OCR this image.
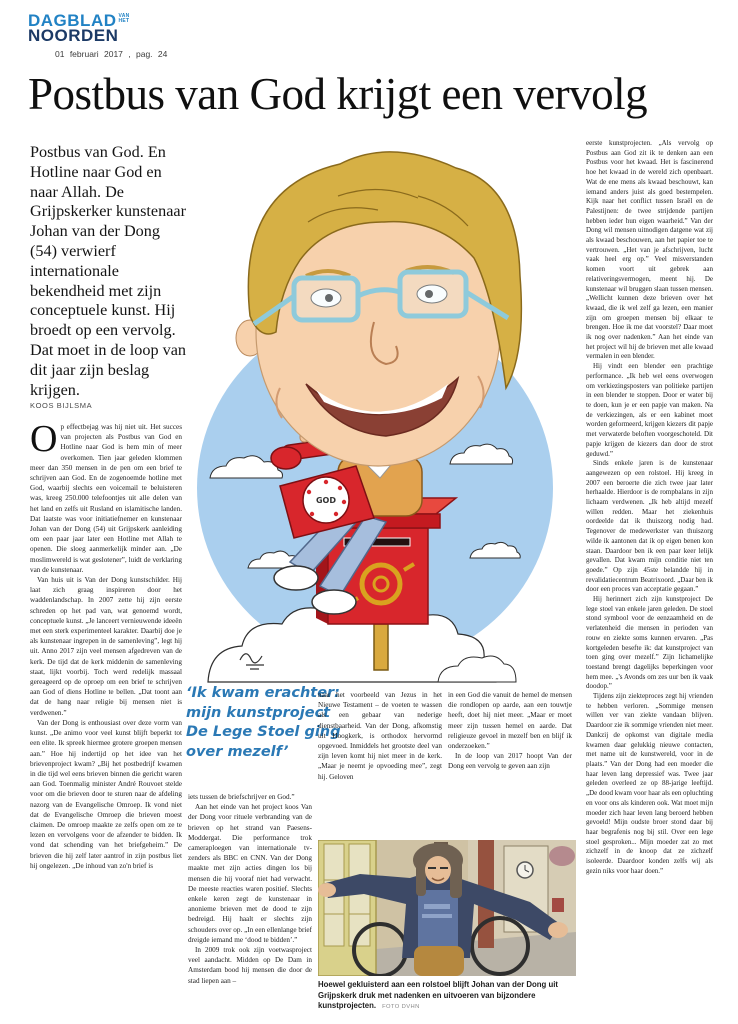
DAGBLAD VAN
HET
NOORDEN
01 februari 2017 , pag. 24
Postbus van God krijgt een vervolg
Postbus van God. En Hotline naar God en naar Allah. De Grijpskerker kunstenaar Johan van der Dong (54) verwierf internationale bekendheid met zijn conceptuele kunst. Hij broedt op een vervolg. Dat moet in de loop van dit jaar zijn beslag krijgen.
KOOS BIJLSMA

Op effectbejag was hij niet uit. Het succes van projecten als Postbus van God en Hotline naar God is hem min of meer overkomen. Tien jaar geleden klommen meer dan 350 mensen in de pen om een brief te schrijven aan God. En de zogenoemde hotline met God, waarbij slechts een voicemail te beluisteren was, kreeg 250.000 telefoontjes uit alle delen van het land en zelfs uit Rusland en islamitische landen. Dat laatste was voor initiatiefnemer en kunstenaar Johan van der Dong (54) uit Grijpskerk aanleiding om een paar jaar later een Hotline met Allah te openen. Die sloeg aanmerkelijk minder aan. „De moslimwereld is wat geslotener”, luidt de verklaring van de kunstenaar.

Van huis uit is Van der Dong kunstschilder. Hij laat zich graag inspireren door het waddenlandschap. In 2007 zette hij zijn eerste schreden op het pad van, wat genoemd wordt, conceptuele kunst. „Je lanceert vernieuwende ideeën met een sterk experimenteel karakter. Daarbij doe je als kunstenaar ingrepen in de samenleving”, legt hij uit. Anno 2017 zijn veel mensen afgedreven van de kerk. De tijd dat de kerk middenin de samenleving staat, lijkt voorbij. Toch werd redelijk massaal gereageerd op de oproep om een brief te schrijven aan God of diens Hotline te bellen. „Dat toont aan dat de hang naar religie bij mensen niet is verdwenen.”

Van der Dong is enthousiast over deze vorm van kunst. „De animo voor veel kunst blijft beperkt tot een elite. Ik spreek hiermee grotere groepen mensen aan.” Hoe hij indertijd op het idee van het brievenproject kwam? „Bij het postbedrijf kwamen in die tijd wel eens brieven binnen die gericht waren aan God. Toenmalig minister André Rouvoet stelde voor om die brieven door te sturen naar de afdeling nazorg van de Evangelische Omroep. Ik vond niet dat de Evangelische Omroep die brieven moest claimen. De omroep maakte ze zelfs open om ze te lezen en vervolgens voor de afzender te bidden. Ik vond dat schending van het briefgeheim.” De brieven die hij zelf later aantrof in zijn postbus liet hij ongelezen. „De inhoud van zo'n brief is

GOD
‘Ik kwam erachter: mijn kunstproject De Lege Stoel ging over mezelf’

iets tussen de briefschrijver en God.”

Aan het einde van het project koos Van der Dong voor rituele verbranding van de brieven op het strand van Paesens-Moddergat. Die performance trok cameraploegen van internationale tv-zenders als BBC en CNN. Van der Dong maakte met zijn acties dingen los bij mensen die hij vooraf niet had verwacht. De meeste reacties waren positief. Slechts enkele keren zegt de kunstenaar in anonieme brieven met de dood te zijn bedreigd. Hij haalt er slechts zijn schouders over op. „In een ellenlange brief dreigde iemand me ‘dood te bidden’.”

In 2009 trok ook zijn voetwasproject veel aandacht. Midden op De Dam in Amsterdam bood hij mensen die door de stad liepen aan –

naar het voorbeeld van Jezus in het Nieuwe Testament – de voeten te wassen als een gebaar van nederige dienstbaarheid. Van der Dong, afkomstig uit Hoogkerk, is orthodox hervormd opgevoed. Inmiddels het grootste deel van zijn leven komt hij niet meer in de kerk. „Maar je neemt je opvoeding mee”, zegt hij. Geloven

in een God die vanuit de hemel de mensen die rondlopen op aarde, aan een touwtje heeft, doet hij niet meer. „Maar er moet meer zijn tussen hemel en aarde. Dat religieuze gevoel in mezelf ben en blijf ik onderzoeken.”

In de loop van 2017 hoopt Van der Dong een vervolg te geven aan zijn

eerste kunstprojecten. „Als vervolg op Postbus aan God zit ik te denken aan een Postbus voor het kwaad. Het is fascinerend hoe het kwaad in de wereld zich openbaart. Wat de ene mens als kwaad beschouwt, kan iemand anders juist als goed bestempelen. Kijk naar het conflict tussen Israël en de Palestijnen: de twee strijdende partijen hebben ieder hun eigen waarheid.” Van der Dong wil mensen uitnodigen datgene wat zij als kwaad beschouwen, aan het papier toe te vertrouwen. „Het van je afschrijven, lucht vaak heel erg op.” Veel misverstanden komen voort uit gebrek aan relativeringsvermogen, meent hij. De kunstenaar wil bruggen slaan tussen mensen. „Wellicht kunnen deze brieven over het kwaad, die ik wel zelf ga lezen, een manier zijn om groepen mensen bij elkaar te brengen. Hoe ik me dat voorstel? Daar moet ik nog over nadenken.” Aan het einde van het project wil hij de brieven met alle kwaad vermalen in een blender.

Hij vindt een blender een prachtige performance. „Ik heb wel eens overwogen om verkiezingsposters van politieke partijen in een blender te stoppen. Door er water bij te doen, kun je er een papje van maken. Na de verkiezingen, als er een kabinet moet worden geformeerd, krijgen kiezers dit papje met verwaterde beloften voorgeschoteld. Dit papje krijgen de kiezers dan door de strot geduwd.”

Sinds enkele jaren is de kunstenaar aangewezen op een rolstoel. Hij kreeg in 2007 een beroerte die zich twee jaar later herhaalde. Hierdoor is de rompbalans in zijn lichaam verdwenen. „Ik heb altijd mezelf willen redden. Maar het ziekenhuis oordeelde dat ik thuiszorg nodig had. Tegenover de medewerkster van thuiszorg wilde ik aantonen dat ik op eigen benen kon staan. Daardoor ben ik een paar keer lelijk gevallen. Dat kwam mijn conditie niet ten goede.” Op zijn 45ste belandde hij in revalidatiecentrum Beatrixoord. „Daar ben ik door een proces van acceptatie gegaan.”

Hij herinnert zich zijn kunstproject De lege stoel van enkele jaren geleden. De stoel stond symbool voor de eenzaamheid en de verlatenheid die mensen in perioden van rouw en ziekte soms kunnen ervaren. „Pas kortgeleden besefte ik: dat kunstproject van toen ging over mezelf.” Zijn lichamelijke toestand brengt dagelijks beperkingen voor hem mee. „'s Avonds om zes uur ben ik vaak doodop.”

Tijdens zijn ziekteproces zegt hij vrienden te hebben verloren. „Sommige mensen willen ver van ziekte vandaan blijven. Daardoor zie ik sommige vrienden niet meer. Dankzij de opkomst van digitale media kwamen daar gelukkig nieuwe contacten, met name uit de kunstwereld, voor in de plaats.” Van der Dong had een moeder die haar leven lang depressief was. Twee jaar geleden overleed ze op 88-jarige leeftijd. „De dood kwam voor haar als een opluchting en voor ons als kinderen ook. Wat moet mijn moeder zich haar leven lang beroerd hebben gevoeld! Mijn oudste broer stond daar bij haar begrafenis nog bij stil. Over een lege stoel gesproken... Mijn moeder zat zo met zichzelf in de knoop dat ze zichzelf isoleerde. Daardoor konden zelfs wij als gezin niks voor haar doen.”

Hoewel gekluisterd aan een rolstoel blijft Johan van der Dong uit Grijpskerk druk met nadenken en uitvoeren van bijzondere kunstprojecten. FOTO DVHN
